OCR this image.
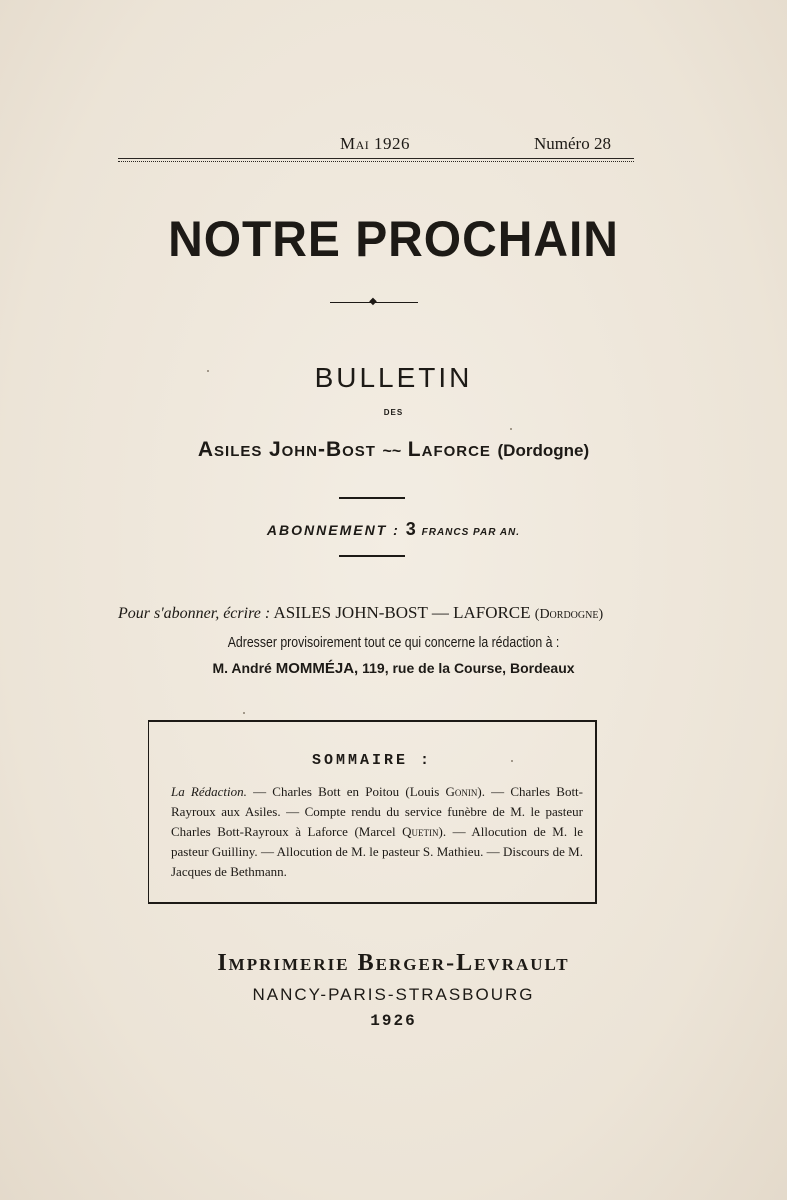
Mai 1926	Numéro 28
NOTRE PROCHAIN
◆
BULLETIN
DES
Asiles John-Bost ~~ Laforce (Dordogne)
ABONNEMENT : 3 FRANCS PAR AN.
Pour s'abonner, écrire : ASILES JOHN-BOST — LAFORCE (Dordogne)
Adresser provisoirement tout ce qui concerne la rédaction à :
M. André MOMMÉJA, 119, rue de la Course, Bordeaux
SOMMAIRE :
La Rédaction. — Charles Bott en Poitou (Louis Gonin). — Charles Bott-Rayroux aux Asiles. — Compte rendu du service funèbre de M. le pasteur Charles Bott-Rayroux à Laforce (Marcel Quetin). — Allocution de M. le pasteur Guilliny. — Allocution de M. le pasteur S. Mathieu. — Discours de M. Jacques de Bethmann.
Imprimerie Berger-Levrault
NANCY-PARIS-STRASBOURG
1926
